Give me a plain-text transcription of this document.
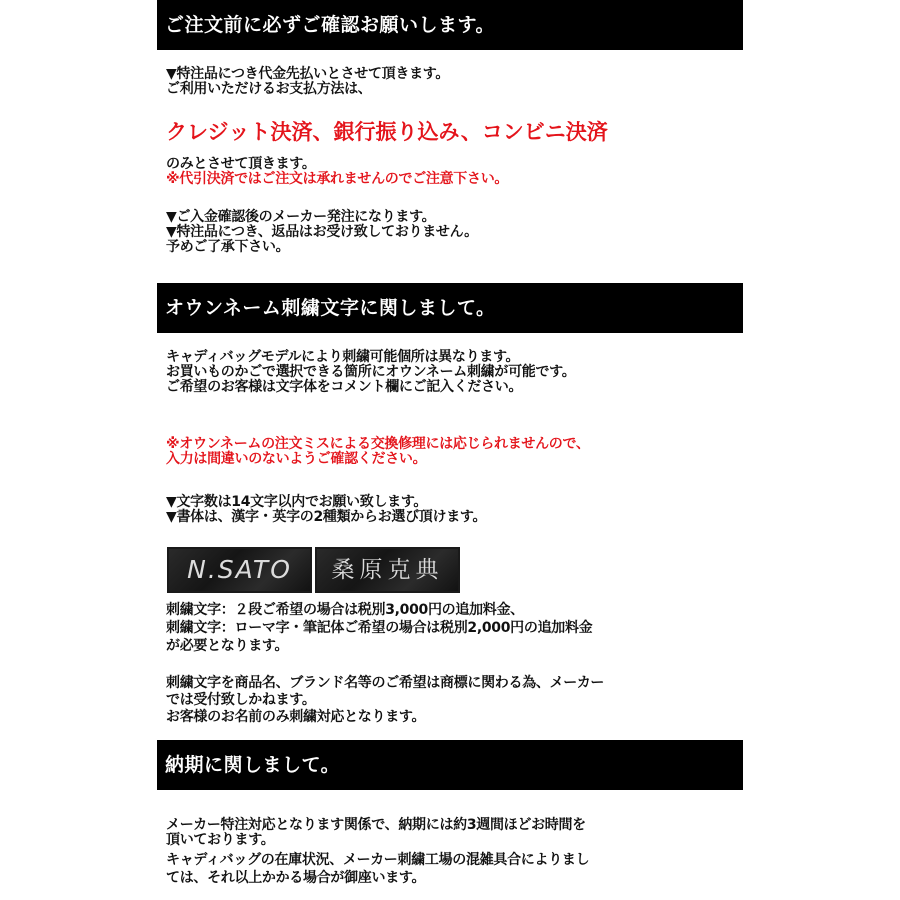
ご注文前に必ずご確認お願いします。
▼特注品につき代金先払いとさせて頂きます。
ご利用いただけるお支払方法は、
クレジット決済、銀行振り込み、コンビニ決済
のみとさせて頂きます。
※代引決済ではご注文は承れませんのでご注意下さい。
▼ご入金確認後のメーカー発注になります。
▼特注品につき、返品はお受け致しておりません。
予めご了承下さい。
オウンネーム刺繍文字に関しまして。
キャディバッグモデルにより刺繍可能個所は異なります。
お買いものかごで選択できる箇所にオウンネーム刺繍が可能です。
ご希望のお客様は文字体をコメント欄にご記入ください。
※オウンネームの注文ミスによる交換修理には応じられませんので、
入力は間違いのないようご確認ください。
▼文字数は14文字以内でお願い致します。
▼書体は、漢字・英字の2種類からお選び頂けます。
N.SATO	桑原克典
刺繍文字：２段ご希望の場合は税別3,000円の追加料金、
刺繍文字：ローマ字・筆記体ご希望の場合は税別2,000円の追加料金
が必要となります。
刺繍文字を商品名、ブランド名等のご希望は商標に関わる為、メーカー
では受付致しかねます。
お客様のお名前のみ刺繍対応となります。
納期に関しまして。
メーカー特注対応となります関係で、納期には約3週間ほどお時間を
頂いております。
キャディバッグの在庫状況、メーカー刺繍工場の混雑具合によりまし
ては、それ以上かかる場合が御座います。
